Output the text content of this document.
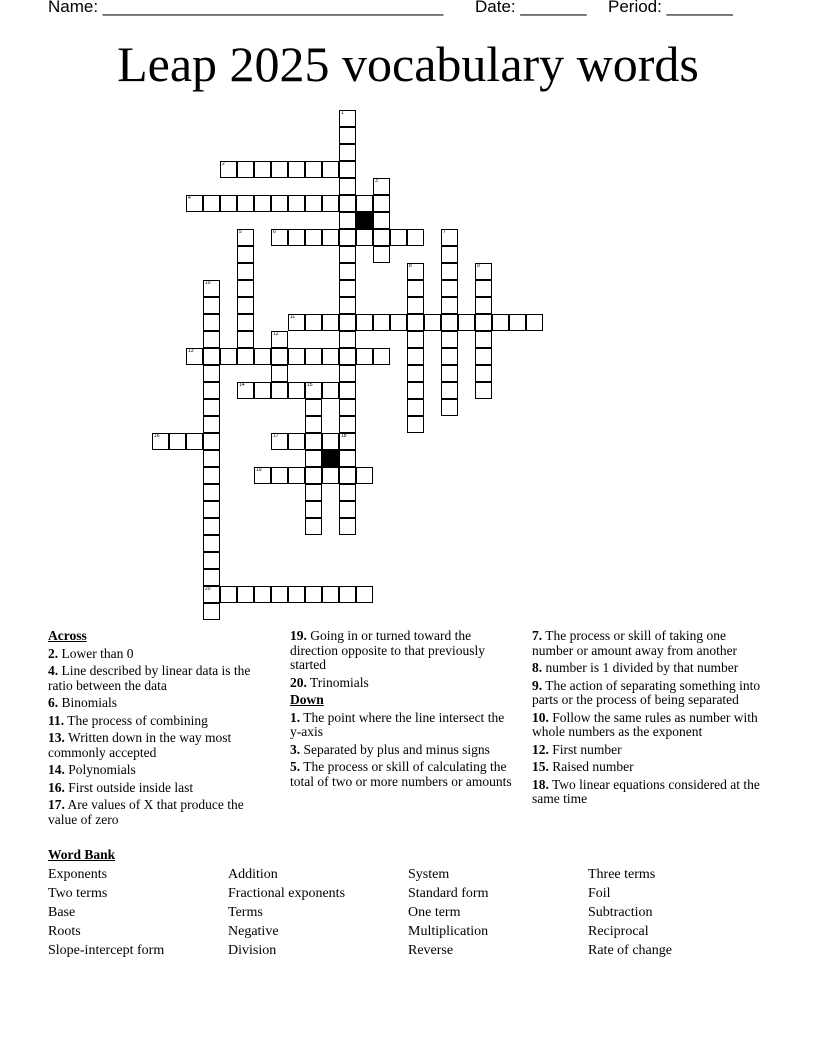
Name: ____________________________________ Date: _______ Period: _______
Leap 2025 vocabulary words
2
4
6
11
13
14
16	17
19
20
1
3
5	7
8	9
10
12
15
18
Across
2. Lower than 0
4. Line described by linear data is the ratio between the data
6. Binomials
11. The process of combining
13. Written down in the way most commonly accepted
14. Polynomials
16. First outside inside last
17. Are values of X that produce the value of zero
19. Going in or turned toward the direction opposite to that previously started
20. Trinomials
Down
1. The point where the line intersect the y-axis
3. Separated by plus and minus signs
5. The process or skill of calculating the total of two or more numbers or amounts
7. The process or skill of taking one number or amount away from another
8. number is 1 divided by that number
9. The action of separating something into parts or the process of being separated
10. Follow the same rules as number with whole numbers as the exponent
12. First number
15. Raised number
18. Two linear equations considered at the same time
Word Bank
Exponents	Addition	System	Three terms
Two terms	Fractional exponents	Standard form	Foil
Base	Terms	One term	Subtraction
Roots	Negative	Multiplication	Reciprocal
Slope-intercept form	Division	Reverse	Rate of change
